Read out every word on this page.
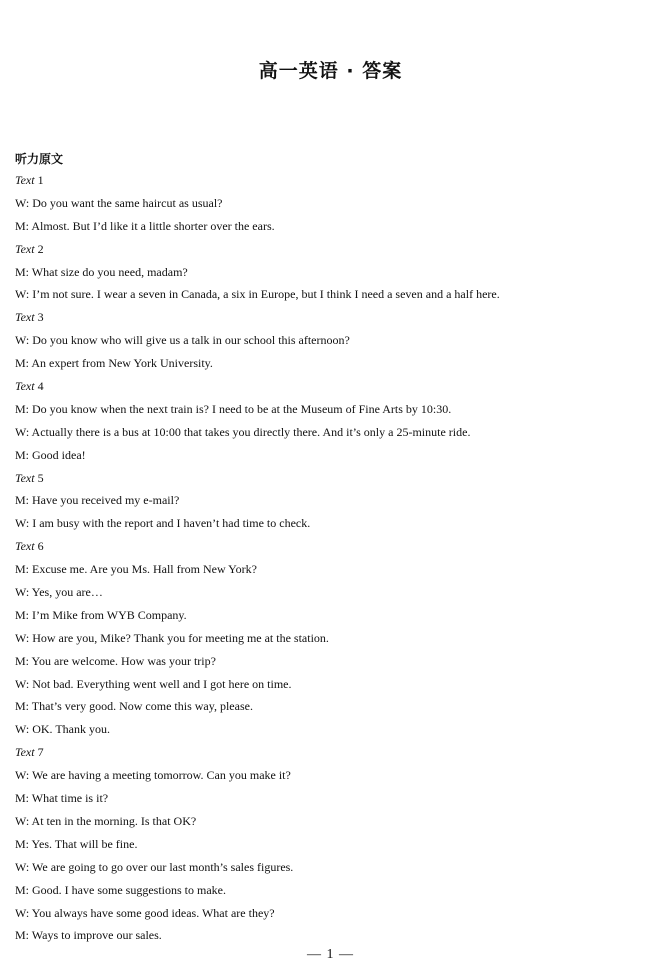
高一英语 · 答案
听力原文
Text 1
W: Do you want the same haircut as usual?
M: Almost. But I’d like it a little shorter over the ears.
Text 2
M: What size do you need, madam?
W: I’m not sure. I wear a seven in Canada, a six in Europe, but I think I need a seven and a half here.
Text 3
W: Do you know who will give us a talk in our school this afternoon?
M: An expert from New York University.
Text 4
M: Do you know when the next train is? I need to be at the Museum of Fine Arts by 10:30.
W: Actually there is a bus at 10:00 that takes you directly there. And it’s only a 25-minute ride.
M: Good idea!
Text 5
M: Have you received my e-mail?
W: I am busy with the report and I haven’t had time to check.
Text 6
M: Excuse me. Are you Ms. Hall from New York?
W: Yes, you are…
M: I’m Mike from WYB Company.
W: How are you, Mike? Thank you for meeting me at the station.
M: You are welcome. How was your trip?
W: Not bad. Everything went well and I got here on time.
M: That’s very good. Now come this way, please.
W: OK. Thank you.
Text 7
W: We are having a meeting tomorrow. Can you make it?
M: What time is it?
W: At ten in the morning. Is that OK?
M: Yes. That will be fine.
W: We are going to go over our last month’s sales figures.
M: Good. I have some suggestions to make.
W: You always have some good ideas. What are they?
M: Ways to improve our sales.
— 1 —
